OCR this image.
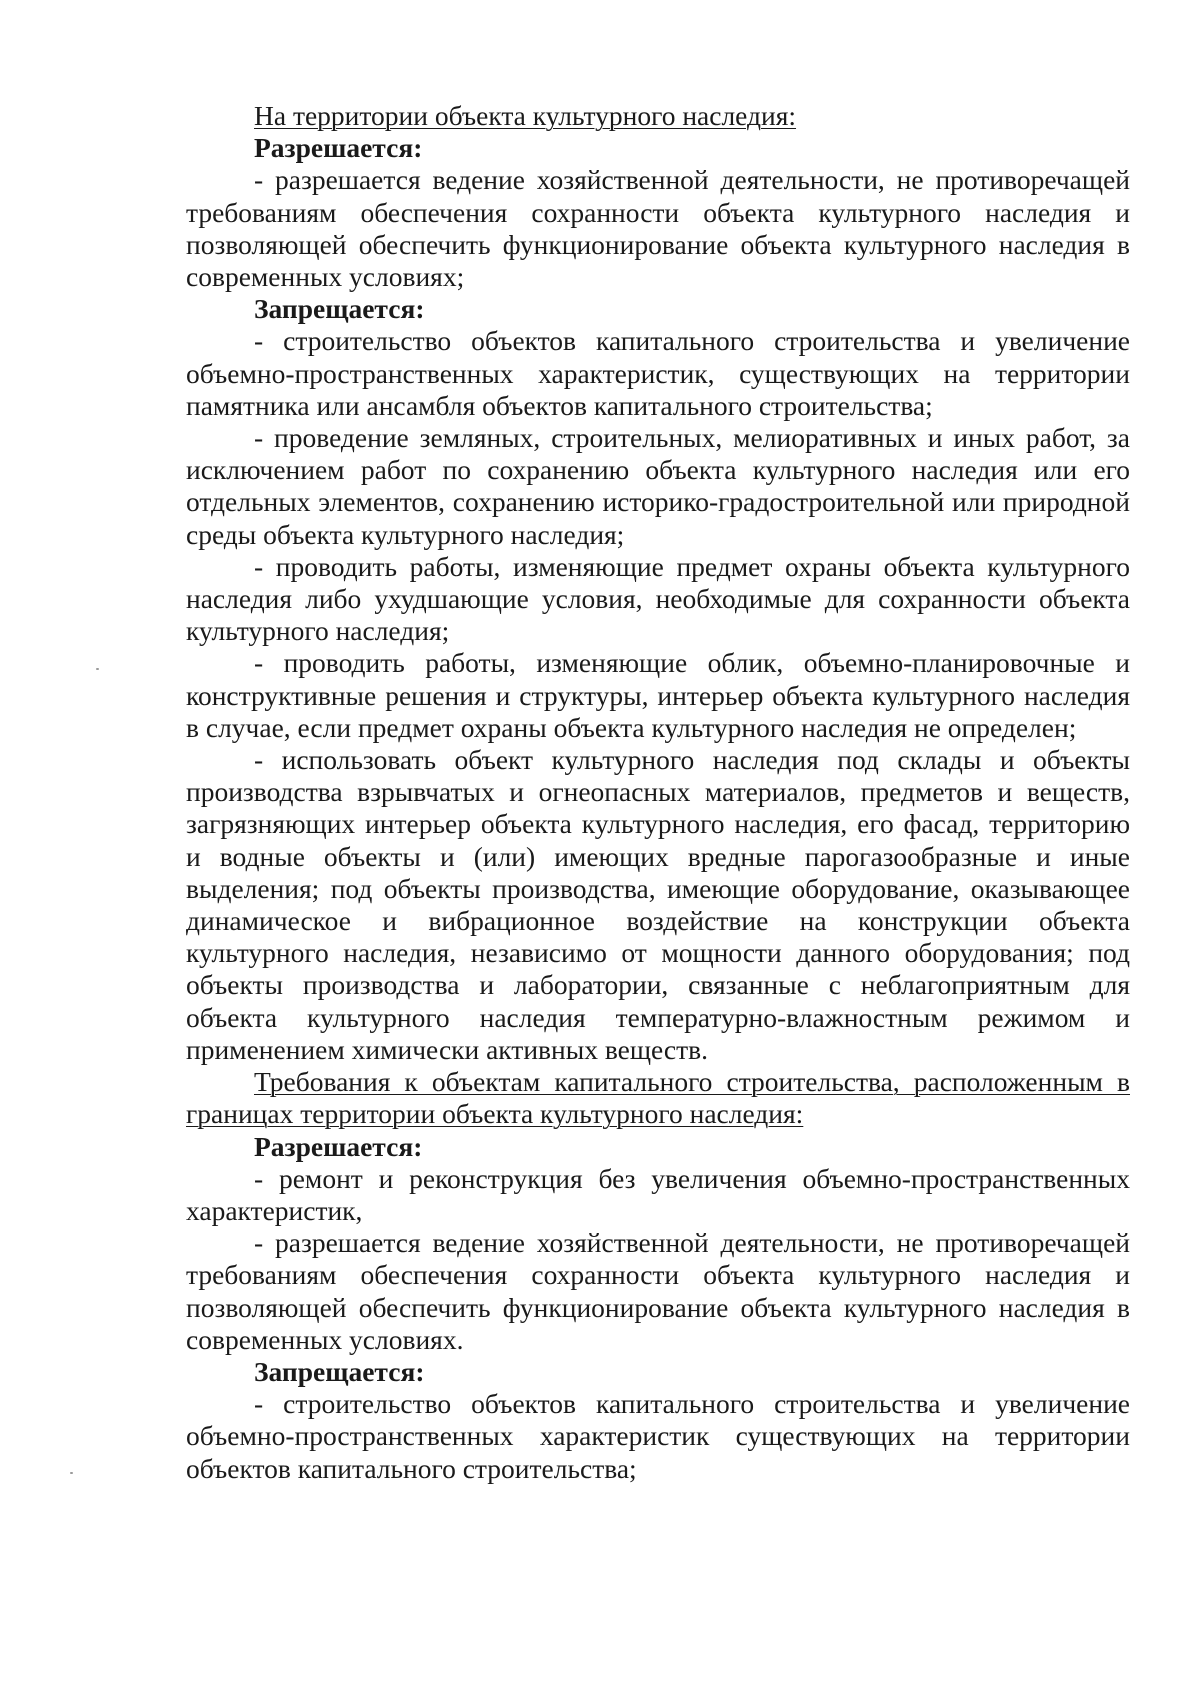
На территории объекта культурного наследия:

Разрешается:

- разрешается ведение хозяйственной деятельности, не противоречащей требованиям обеспечения сохранности объекта культурного наследия и позволяющей обеспечить функционирование объекта культурного наследия в современных условиях;

Запрещается:

- строительство объектов капитального строительства и увеличение объемно-пространственных характеристик, существующих на территории памятника или ансамбля объектов капитального строительства;

- проведение земляных, строительных, мелиоративных и иных работ, за исключением работ по сохранению объекта культурного наследия или его отдельных элементов, сохранению историко-градостроительной или природной среды объекта культурного наследия;

- проводить работы, изменяющие предмет охраны объекта культурного наследия либо ухудшающие условия, необходимые для сохранности объекта культурного наследия;

- проводить работы, изменяющие облик, объемно-планировочные и конструктивные решения и структуры, интерьер объекта культурного наследия в случае, если предмет охраны объекта культурного наследия не определен;

- использовать объект культурного наследия под склады и объекты производства взрывчатых и огнеопасных материалов, предметов и веществ, загрязняющих интерьер объекта культурного наследия, его фасад, территорию и водные объекты и (или) имеющих вредные парогазообразные и иные выделения; под объекты производства, имеющие оборудование, оказывающее динамическое и вибрационное воздействие на конструкции объекта культурного наследия, независимо от мощности данного оборудования; под объекты производства и лаборатории, связанные с неблагоприятным для объекта культурного наследия температурно-влажностным режимом и применением химически активных веществ.

Требования к объектам капитального строительства, расположенным в границах территории объекта культурного наследия:

Разрешается:

- ремонт и реконструкция без увеличения объемно-пространственных характеристик,

- разрешается ведение хозяйственной деятельности, не противоречащей требованиям обеспечения сохранности объекта культурного наследия и позволяющей обеспечить функционирование объекта культурного наследия в современных условиях.

Запрещается:

- строительство объектов капитального строительства и увеличение объемно-пространственных характеристик существующих на территории объектов капитального строительства;
